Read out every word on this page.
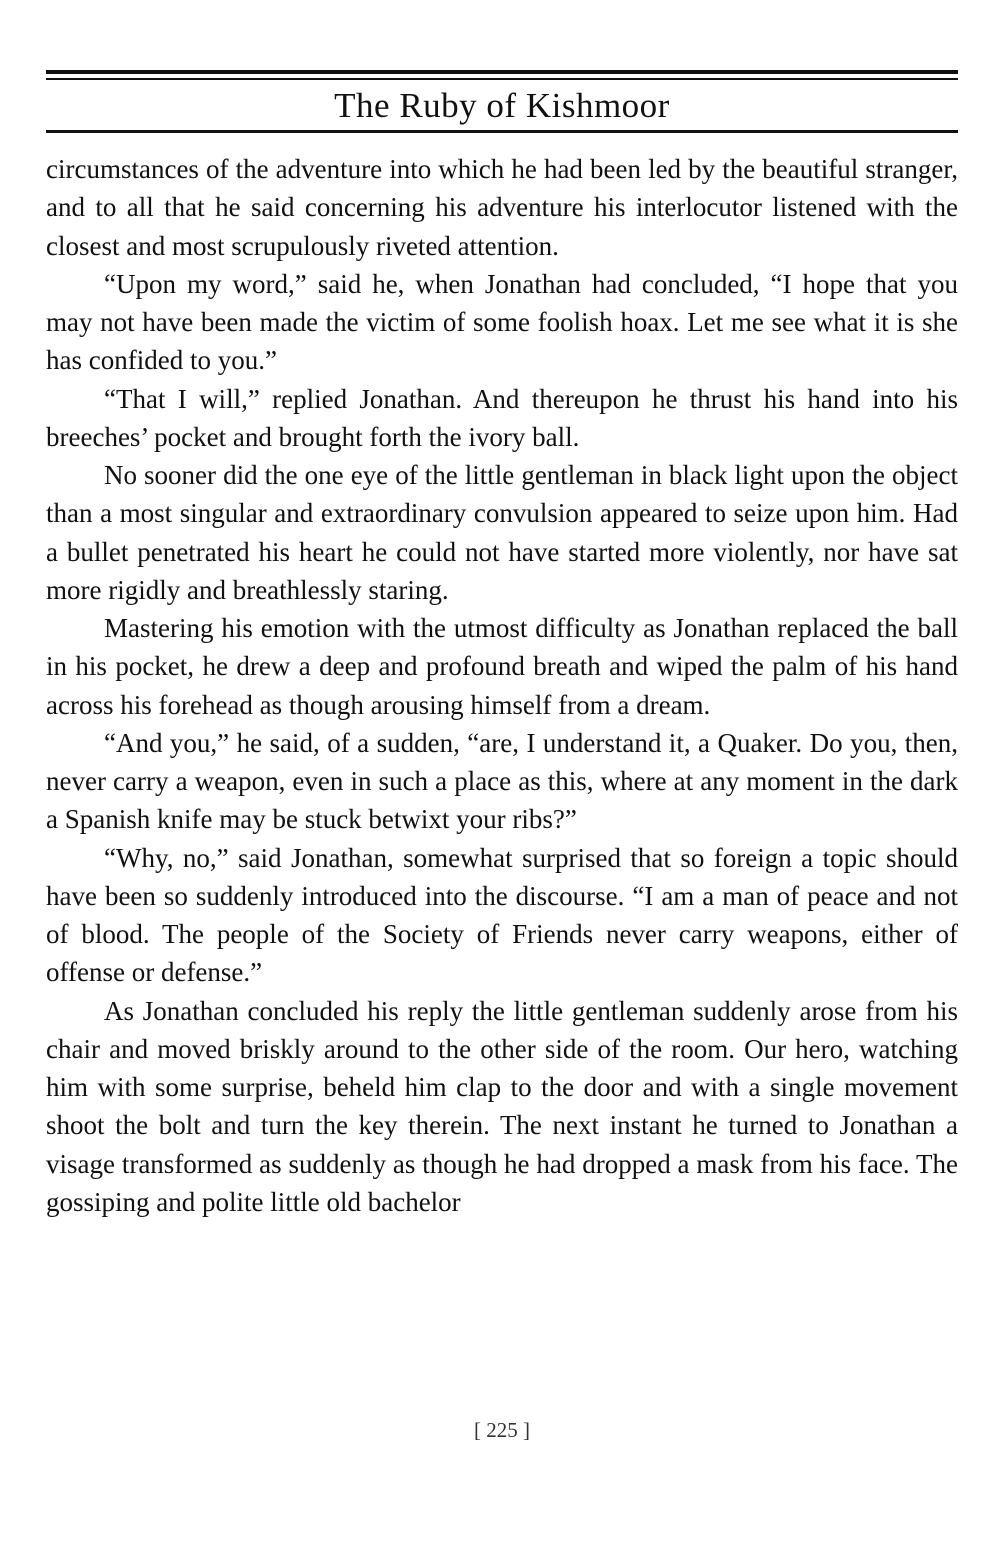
The Ruby of Kishmoor

circumstances of the adventure into which he had been led by the beautiful stranger, and to all that he said concerning his adventure his interlocutor listened with the closest and most scrupulously riveted attention.

“Upon my word,” said he, when Jonathan had concluded, “I hope that you may not have been made the victim of some foolish hoax. Let me see what it is she has confided to you.”

“That I will,” replied Jonathan. And thereupon he thrust his hand into his breeches’ pocket and brought forth the ivory ball.

No sooner did the one eye of the little gentleman in black light upon the object than a most singular and extraordinary convulsion appeared to seize upon him. Had a bullet penetrated his heart he could not have started more violently, nor have sat more rigidly and breathlessly staring.

Mastering his emotion with the utmost difficulty as Jonathan replaced the ball in his pocket, he drew a deep and profound breath and wiped the palm of his hand across his forehead as though arousing himself from a dream.

“And you,” he said, of a sudden, “are, I understand it, a Quaker. Do you, then, never carry a weapon, even in such a place as this, where at any moment in the dark a Spanish knife may be stuck betwixt your ribs?”

“Why, no,” said Jonathan, somewhat surprised that so foreign a topic should have been so suddenly introduced into the discourse. “I am a man of peace and not of blood. The people of the Society of Friends never carry weapons, either of offense or defense.”

As Jonathan concluded his reply the little gentleman suddenly arose from his chair and moved briskly around to the other side of the room. Our hero, watching him with some surprise, beheld him clap to the door and with a single movement shoot the bolt and turn the key therein. The next instant he turned to Jonathan a visage transformed as suddenly as though he had dropped a mask from his face. The gossiping and polite little old bachelor

[ 225 ]
